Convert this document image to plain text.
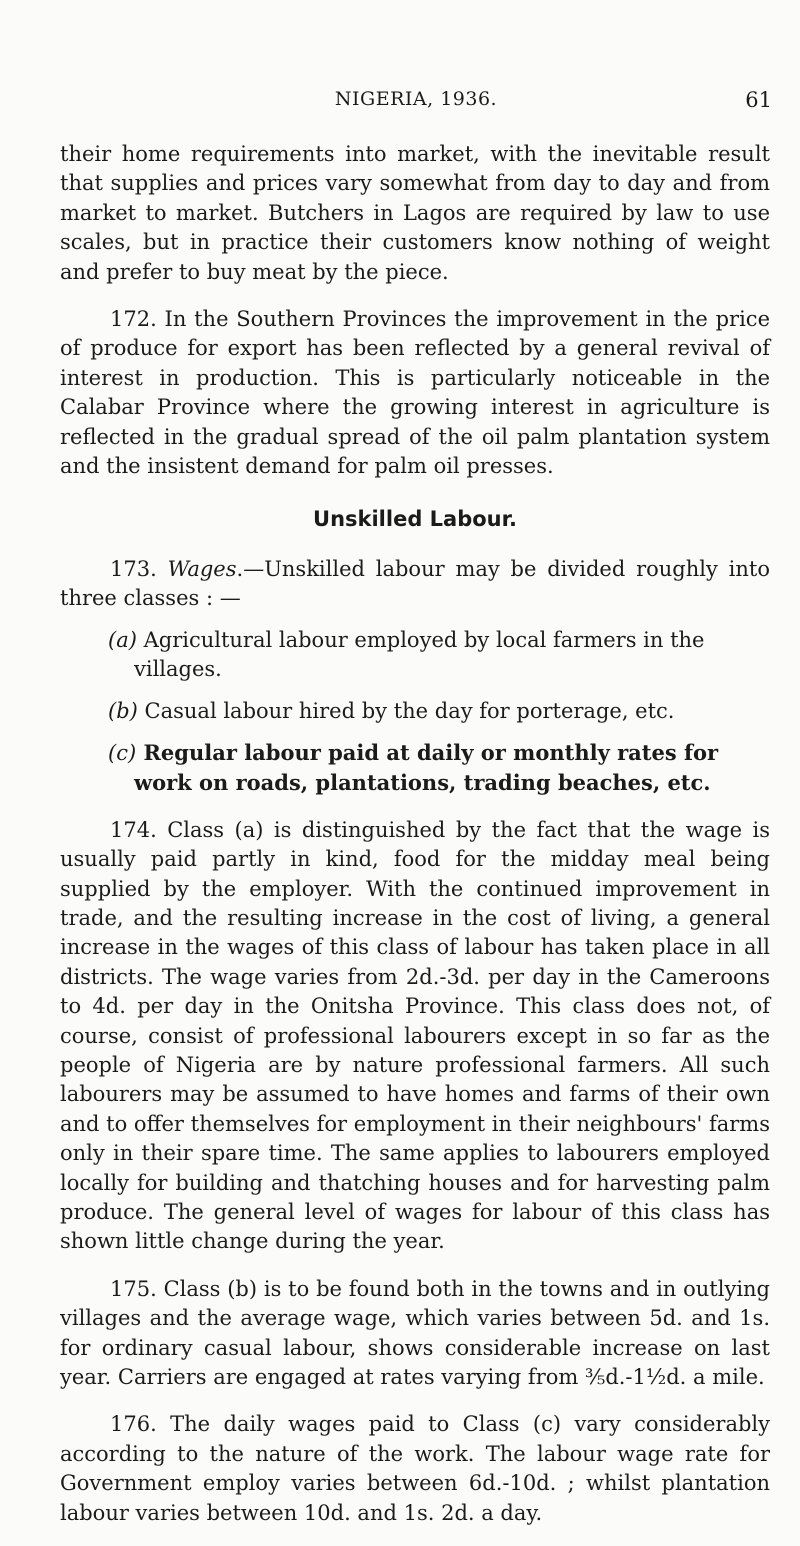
NIGERIA, 1936.	61

their home requirements into market, with the inevitable result that supplies and prices vary somewhat from day to day and from market to market. Butchers in Lagos are required by law to use scales, but in practice their customers know nothing of weight and prefer to buy meat by the piece.

172. In the Southern Provinces the improvement in the price of produce for export has been reflected by a general revival of interest in production. This is particularly noticeable in the Calabar Province where the growing interest in agriculture is reflected in the gradual spread of the oil palm plantation system and the insistent demand for palm oil presses.

Unskilled Labour.

173. Wages.—Unskilled labour may be divided roughly into three classes : —

(a) Agricultural labour employed by local farmers in the villages.
(b) Casual labour hired by the day for porterage, etc.
(c) Regular labour paid at daily or monthly rates for work on roads, plantations, trading beaches, etc.

174. Class (a) is distinguished by the fact that the wage is usually paid partly in kind, food for the midday meal being supplied by the employer. With the continued improvement in trade, and the resulting increase in the cost of living, a general increase in the wages of this class of labour has taken place in all districts. The wage varies from 2d.-3d. per day in the Cameroons to 4d. per day in the Onitsha Province. This class does not, of course, consist of professional labourers except in so far as the people of Nigeria are by nature professional farmers. All such labourers may be assumed to have homes and farms of their own and to offer themselves for employment in their neighbours' farms only in their spare time. The same applies to labourers employed locally for building and thatching houses and for harvesting palm produce. The general level of wages for labour of this class has shown little change during the year.

175. Class (b) is to be found both in the towns and in outlying villages and the average wage, which varies between 5d. and 1s. for ordinary casual labour, shows considerable increase on last year. Carriers are engaged at rates varying from ⅗d.-1½d. a mile.

176. The daily wages paid to Class (c) vary considerably according to the nature of the work. The labour wage rate for Government employ varies between 6d.-10d. ; whilst plantation labour varies between 10d. and 1s. 2d. a day.
